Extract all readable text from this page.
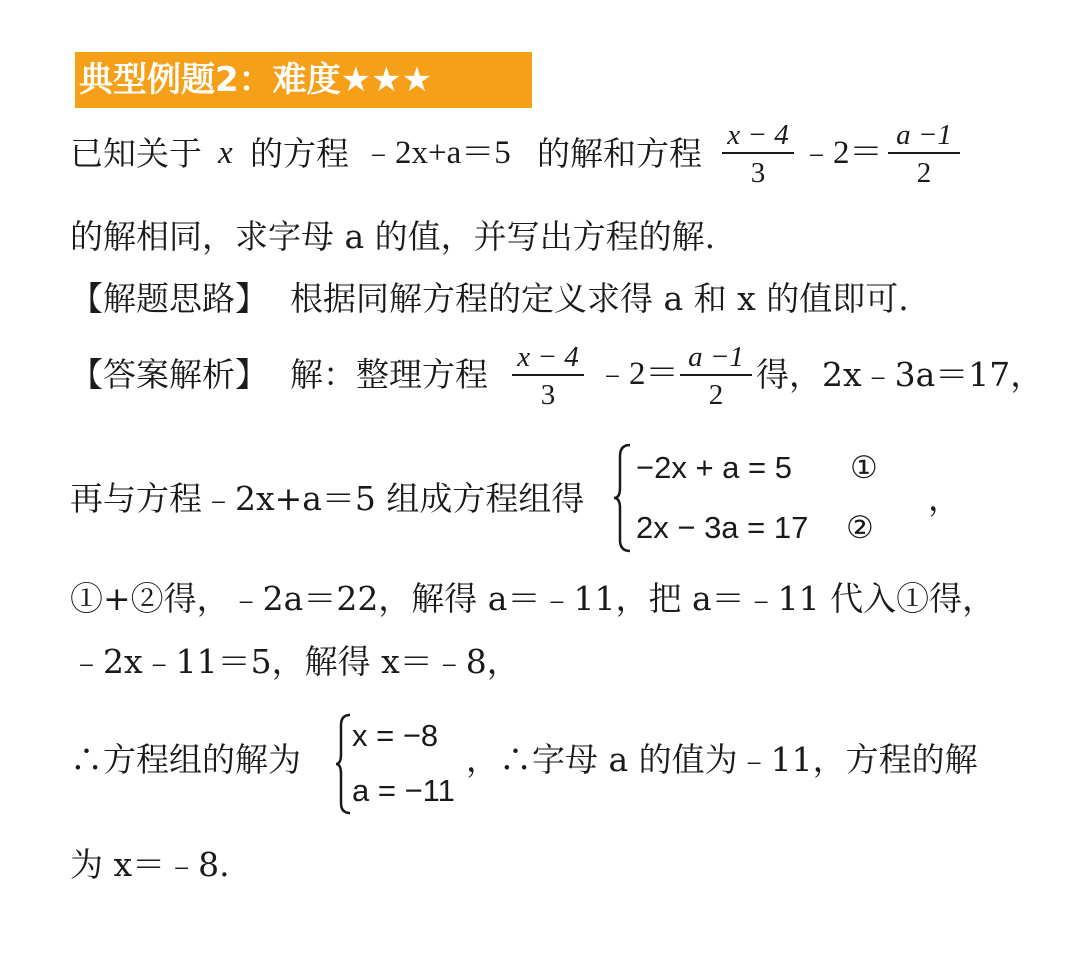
典型例题2：难度★★★
已知关于 x 的方程 ﹣2x+a＝5 的解和方程 x − 4
3
﹣2＝ a −1
2
的解相同，求字母 a 的值，并写出方程的解.
【解题思路】 根据同解方程的定义求得 a 和 x 的值即可.
【答案解析】 解：整理方程 x − 4
3
﹣2＝ a −1
2
得，2x﹣3a＝17，
再与方程﹣2x+a＝5 组成方程组得
−2x + a = 5 ①
2x − 3a = 17 ②
，
①+②得，﹣2a＝22，解得 a＝﹣11，把 a＝﹣11 代入①得，
﹣2x﹣11＝5，解得 x＝﹣8，
∴方程组的解为
x = −8
a = −11
，∴字母 a 的值为﹣11，方程的解
为 x＝﹣8.
